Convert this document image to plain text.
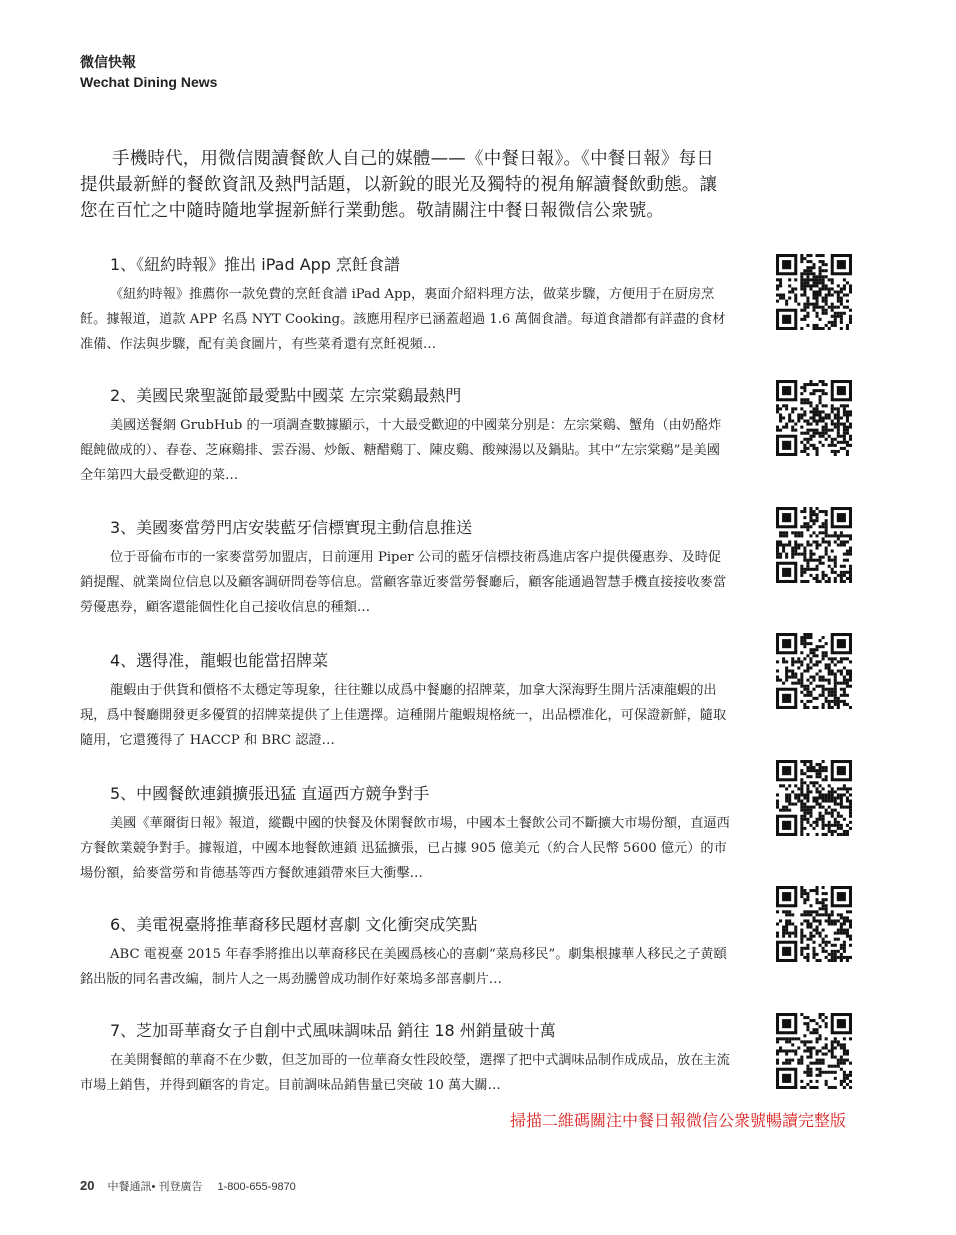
微信快報
Wechat Dining News

手機時代，用微信閱讀餐飲人自己的媒體——《中餐日報》。《中餐日報》每日提供最新鮮的餐飲資訊及熱門話題，以新銳的眼光及獨特的視角解讀餐飲動態。讓您在百忙之中隨時隨地掌握新鮮行業動態。敬請關注中餐日報微信公衆號。

1、《紐約時報》推出 iPad App 烹飪食譜
《紐約時報》推薦你一款免費的烹飪食譜 iPad App，裏面介紹料理方法，做菜步驟，方便用于在厨房烹飪。據報道，道款 APP 名爲 NYT Cooking。該應用程序已涵蓋超過 1.6 萬個食譜。每道食譜都有詳盡的食材准備、作法與步驟，配有美食圖片，有些菜肴還有烹飪視頻…
2、美國民衆聖誕節最愛點中國菜 左宗棠鷄最熱門
美國送餐網 GrubHub 的一項調查數據顯示，十大最受歡迎的中國菜分别是：左宗棠鷄、蟹角（由奶酪炸餛飩做成的）、春卷、芝麻鷄排、雲吞湯、炒飯、糖醋鷄丁、陳皮鷄、酸辣湯以及鍋貼。其中“左宗棠鷄”是美國全年第四大最受歡迎的菜…
3、美國麥當勞門店安裝藍牙信標實現主動信息推送
位于哥倫布市的一家麥當勞加盟店，日前運用 Piper 公司的藍牙信標技術爲進店客户提供優惠券、及時促銷提醒、就業崗位信息以及顧客調研問卷等信息。當顧客靠近麥當勞餐廳后，顧客能通過智慧手機直接接收麥當勞優惠券，顧客還能個性化自己接收信息的種類…
4、選得准，龍蝦也能當招牌菜
龍蝦由于供貨和價格不太穩定等現象，往往難以成爲中餐廳的招牌菜，加拿大深海野生開片活凍龍蝦的出現，爲中餐廳開發更多優質的招牌菜提供了上佳選擇。這種開片龍蝦規格統一，出品標准化，可保證新鮮，隨取隨用，它還獲得了 HACCP 和 BRC 認證…
5、中國餐飲連鎖擴張迅猛 直逼西方競争對手
美國《華爾街日報》報道，縱觀中國的快餐及休閑餐飲市場，中國本土餐飲公司不斷擴大市場份額，直逼西方餐飲業競争對手。據報道，中國本地餐飲連鎖 迅猛擴張，已占據 905 億美元（約合人民幣 5600 億元）的市場份額，給麥當勞和肯德基等西方餐飲連鎖帶來巨大衝擊…
6、美電視臺將推華裔移民題材喜劇 文化衝突成笑點
ABC 電視臺 2015 年春季將推出以華裔移民在美國爲核心的喜劇“菜鳥移民”。劇集根據華人移民之子黄頤銘出版的同名書改編，制片人之一馬劲騰曾成功制作好萊塢多部喜劇片…
7、芝加哥華裔女子自創中式風味調味品 銷往 18 州銷量破十萬
在美開餐館的華裔不在少數，但芝加哥的一位華裔女性段皎瑩，選擇了把中式調味品制作成成品，放在主流市場上銷售，并得到顧客的肯定。目前調味品銷售量已突破 10 萬大關…
掃描二維碼關注中餐日報微信公衆號暢讀完整版
20 中餐通訊• 刊登廣告 1-800-655-9870
